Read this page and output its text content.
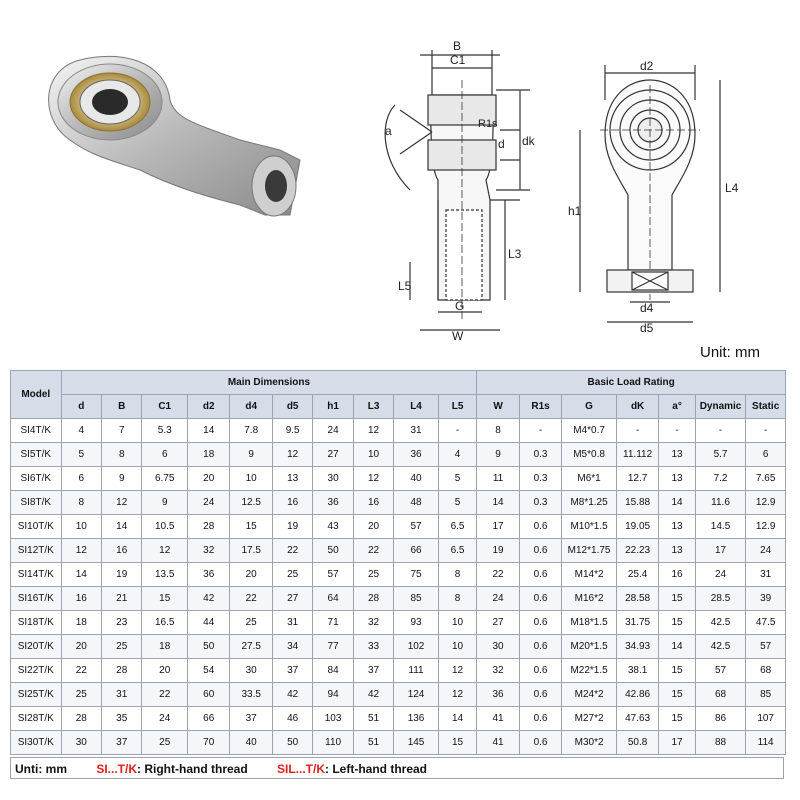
B
C1
R1s
d dk
a
L5
L3
G
W
d2
h1
L4
d4
d5
Unit: mm
Model	Main Dimensions										Basic Load Rating						
	d	B	C1	d2	d4	d5	h1	L3	L4	L5	W	R1s	G	dK	a°	Dynamic	Static
SI4T/K	4	7	5.3	14	7.8	9.5	24	12	31	-	8	-	M4*0.7	-	-	-	-
SI5T/K	5	8	6	18	9	12	27	10	36	4	9	0.3	M5*0.8	11.112	13	5.7	6
SI6T/K	6	9	6.75	20	10	13	30	12	40	5	11	0.3	M6*1	12.7	13	7.2	7.65
SI8T/K	8	12	9	24	12.5	16	36	16	48	5	14	0.3	M8*1.25	15.88	14	11.6	12.9
SI10T/K	10	14	10.5	28	15	19	43	20	57	6.5	17	0.6	M10*1.5	19.05	13	14.5	12.9
SI12T/K	12	16	12	32	17.5	22	50	22	66	6.5	19	0.6	M12*1.75	22.23	13	17	24
SI14T/K	14	19	13.5	36	20	25	57	25	75	8	22	0.6	M14*2	25.4	16	24	31
SI16T/K	16	21	15	42	22	27	64	28	85	8	24	0.6	M16*2	28.58	15	28.5	39
SI18T/K	18	23	16.5	44	25	31	71	32	93	10	27	0.6	M18*1.5	31.75	15	42.5	47.5
SI20T/K	20	25	18	50	27.5	34	77	33	102	10	30	0.6	M20*1.5	34.93	14	42.5	57
SI22T/K	22	28	20	54	30	37	84	37	111	12	32	0.6	M22*1.5	38.1	15	57	68
SI25T/K	25	31	22	60	33.5	42	94	42	124	12	36	0.6	M24*2	42.86	15	68	85
SI28T/K	28	35	24	66	37	46	103	51	136	14	41	0.6	M27*2	47.63	15	86	107
SI30T/K	30	37	25	70	40	50	110	51	145	15	41	0.6	M30*2	50.8	17	88	114
Unti: mm SI...T/K: Right-hand thread SIL...T/K: Left-hand thread
